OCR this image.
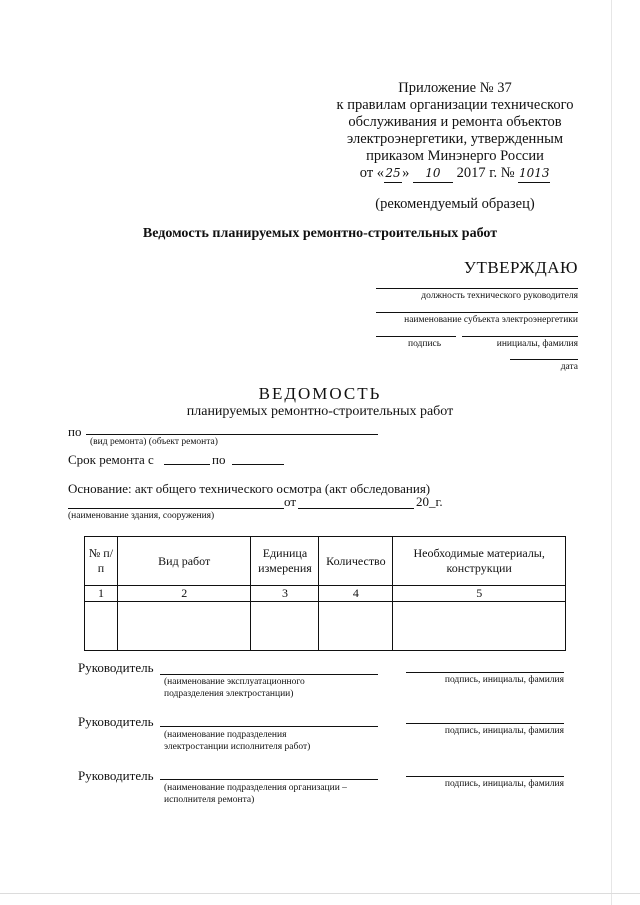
Приложение № 37
к правилам организации технического
обслуживания и ремонта объектов
электроэнергетики, утвержденным
приказом Минэнерго России
от «25» 10 2017 г. № 1013
(рекомендуемый образец)
Ведомость планируемых ремонтно-строительных работ
УТВЕРЖДАЮ
должность технического руководителя
наименование субъекта электроэнергетики
подпись	инициалы, фамилия
дата
ВЕДОМОСТЬ
планируемых ремонтно-строительных работ
по
(вид ремонта) (объект ремонта)
Срок ремонта с	по
Основание: акт общего технического осмотра (акт обследования)
от	20_г.
(наименование здания, сооружения)
№ п/п	Вид работ	Единица измерения	Количество	Необходимые материалы, конструкции
1	2	3	4	5

Руководитель
(наименование эксплуатационного
подразделения электростанции)
подпись, инициалы, фамилия
Руководитель
(наименование подразделения
электростанции исполнителя работ)
подпись, инициалы, фамилия
Руководитель
(наименование подразделения организации –
исполнителя ремонта)
подпись, инициалы, фамилия
